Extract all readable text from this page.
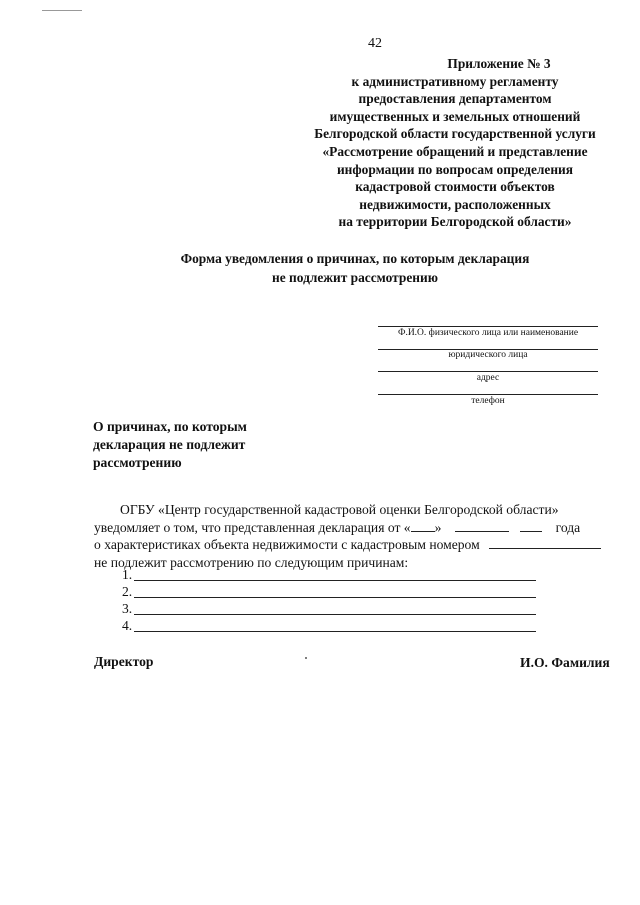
42
Приложение № 3
к административному регламенту
предоставления департаментом
имущественных и земельных отношений
Белгородской области государственной услуги
«Рассмотрение обращений и представление
информации по вопросам определения
кадастровой стоимости объектов
недвижимости, расположенных
на территории Белгородской области»
Форма уведомления о причинах, по которым декларация
не подлежит рассмотрению
Ф.И.О. физического лица или наименование
юридического лица
адрес
телефон
О причинах, по которым
декларация не подлежит
рассмотрению
ОГБУ «Центр государственной кадастровой оценки Белгородской области»
уведомляет о том, что представленная декларация от « »	года
о характеристиках объекта недвижимости с кадастровым номером
не подлежит рассмотрению по следующим причинам:
1.
2.
3.
4.
Директор	И.О. Фамилия
